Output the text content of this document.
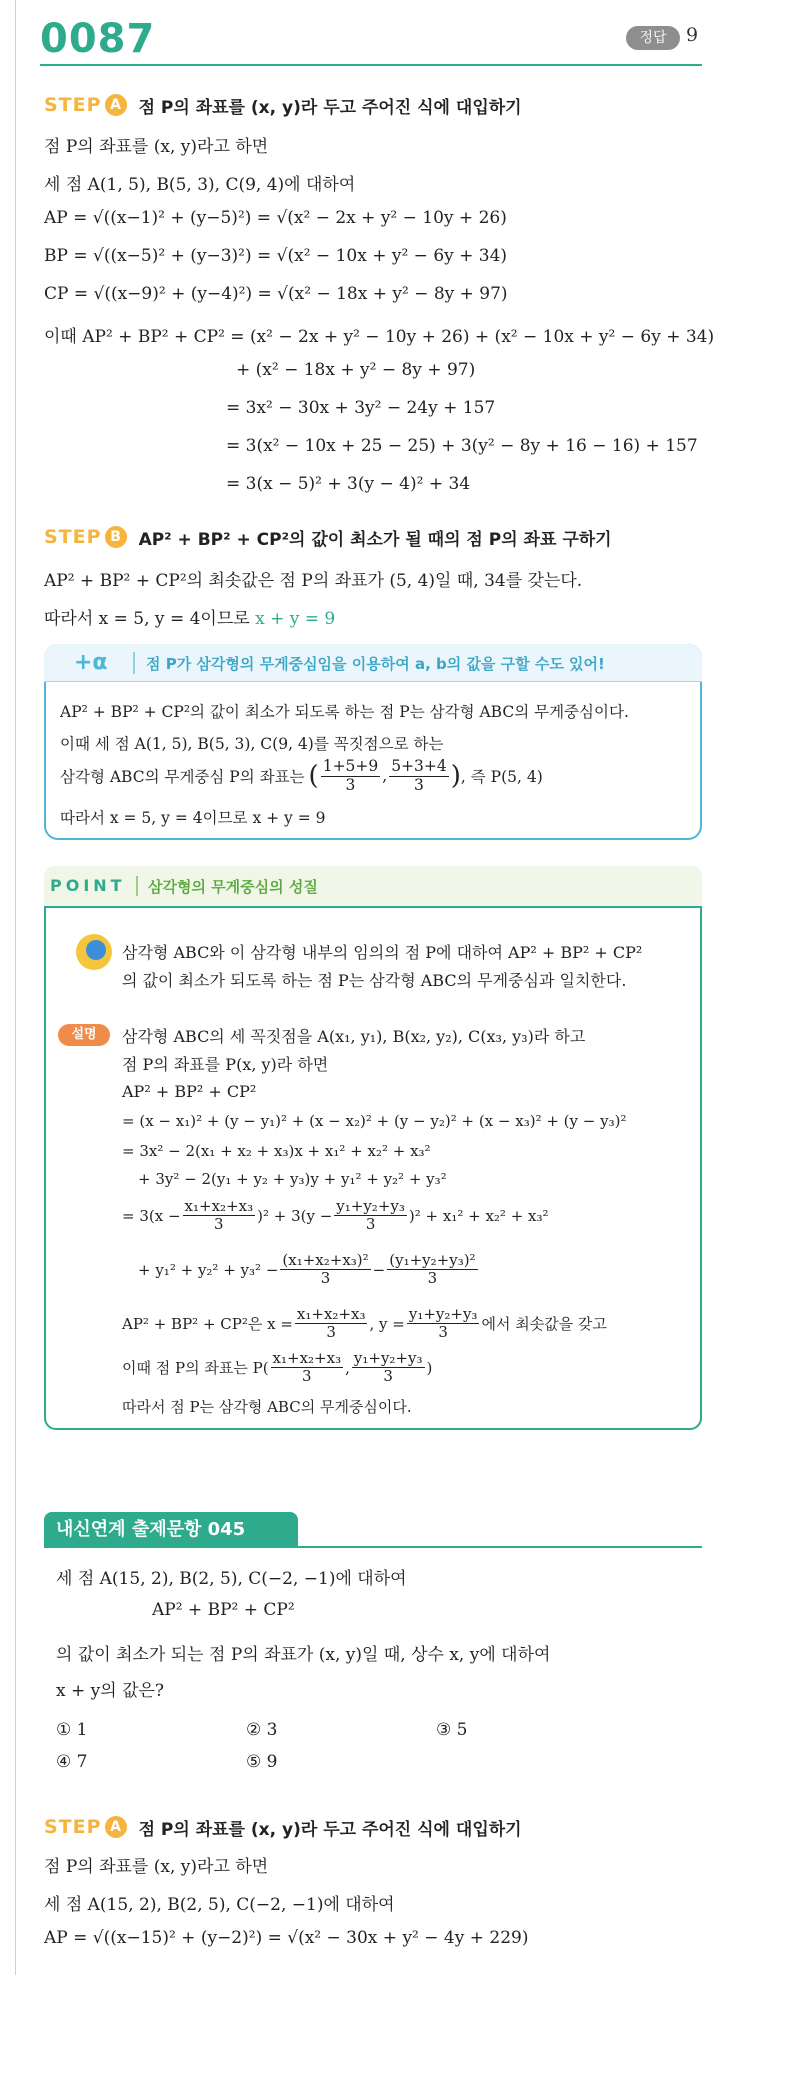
0087	정답	9
STEP A	점 P의 좌표를 (x, y)라 두고 주어진 식에 대입하기
점 P의 좌표를 (x, y)라고 하면
세 점 A(1, 5), B(5, 3), C(9, 4)에 대하여
AP = √((x−1)² + (y−5)²) = √(x² − 2x + y² − 10y + 26)
BP = √((x−5)² + (y−3)²) = √(x² − 10x + y² − 6y + 34)
CP = √((x−9)² + (y−4)²) = √(x² − 18x + y² − 8y + 97)
이때 AP² + BP² + CP² = (x² − 2x + y² − 10y + 26) + (x² − 10x + y² − 6y + 34)
+ (x² − 18x + y² − 8y + 97)
= 3x² − 30x + 3y² − 24y + 157
= 3(x² − 10x + 25 − 25) + 3(y² − 8y + 16 − 16) + 157
= 3(x − 5)² + 3(y − 4)² + 34
STEP B	AP² + BP² + CP²의 값이 최소가 될 때의 점 P의 좌표 구하기
AP² + BP² + CP²의 최솟값은 점 P의 좌표가 (5, 4)일 때, 34를 갖는다.
따라서 x = 5, y = 4이므로 x + y = 9
+α	점 P가 삼각형의 무게중심임을 이용하여 a, b의 값을 구할 수도 있어!
AP² + BP² + CP²의 값이 최소가 되도록 하는 점 P는 삼각형 ABC의 무게중심이다.
이때 세 점 A(1, 5), B(5, 3), C(9, 4)를 꼭짓점으로 하는
삼각형 ABC의 무게중심 P의 좌표는 ( $\frac{1+5+9}{3}$ , $\frac{5+3+4}{3}$ ) , 즉 P(5, 4)
따라서 x = 5, y = 4이므로 x + y = 9
POINT 삼각형의 무게중심의 성질
삼각형 ABC와 이 삼각형 내부의 임의의 점 P에 대하여 AP² + BP² + CP²
의 값이 최소가 되도록 하는 점 P는 삼각형 ABC의 무게중심과 일치한다.
설명	삼각형 ABC의 세 꼭짓점을 A(x₁, y₁), B(x₂, y₂), C(x₃, y₃)라 하고
점 P의 좌표를 P(x, y)라 하면
AP² + BP² + CP²
= (x − x₁)² + (y − y₁)² + (x − x₂)² + (y − y₂)² + (x − x₃)² + (y − y₃)²
= 3x² − 2(x₁ + x₂ + x₃)x + x₁² + x₂² + x₃²
+ 3y² − 2(y₁ + y₂ + y₃)y + y₁² + y₂² + y₃²
= $3(x - \frac{\text{x₁+x₂+x₃}}{3} )^2 + 3(y - \frac{\text{y₁+y₂+y₃}}{3} )^2 + x_1^2 + x_2^2 + x_3^2$
+ $y_1^2 + y_2^2 + y_3^2 - \frac{\text{(x₁+x₂+x₃)²}}{3} - \frac{\text{(y₁+y₂+y₃)²}}{3}$
AP² + BP² + CP²은 $x = \frac{\text{x₁+x₂+x₃}}{3}$ , $y = \frac{\text{y₁+y₂+y₃}}{3}$ 에서 최솟값을 갖고
이때 점 P의 좌표는 $P( \frac{\text{x₁+x₂+x₃}}{3}$ , $\frac{\text{y₁+y₂+y₃}}{3}$ )
따라서 점 P는 삼각형 ABC의 무게중심이다.
내신연계 출제문항 045
세 점 A(15, 2), B(2, 5), C(−2, −1)에 대하여
AP² + BP² + CP²
의 값이 최소가 되는 점 P의 좌표가 (x, y)일 때, 상수 x, y에 대하여
x + y의 값은?
① 1	② 3	③ 5
④ 7	⑤ 9
STEP A	점 P의 좌표를 (x, y)라 두고 주어진 식에 대입하기
점 P의 좌표를 (x, y)라고 하면
세 점 A(15, 2), B(2, 5), C(−2, −1)에 대하여
AP = √((x−15)² + (y−2)²) = √(x² − 30x + y² − 4y + 229)
